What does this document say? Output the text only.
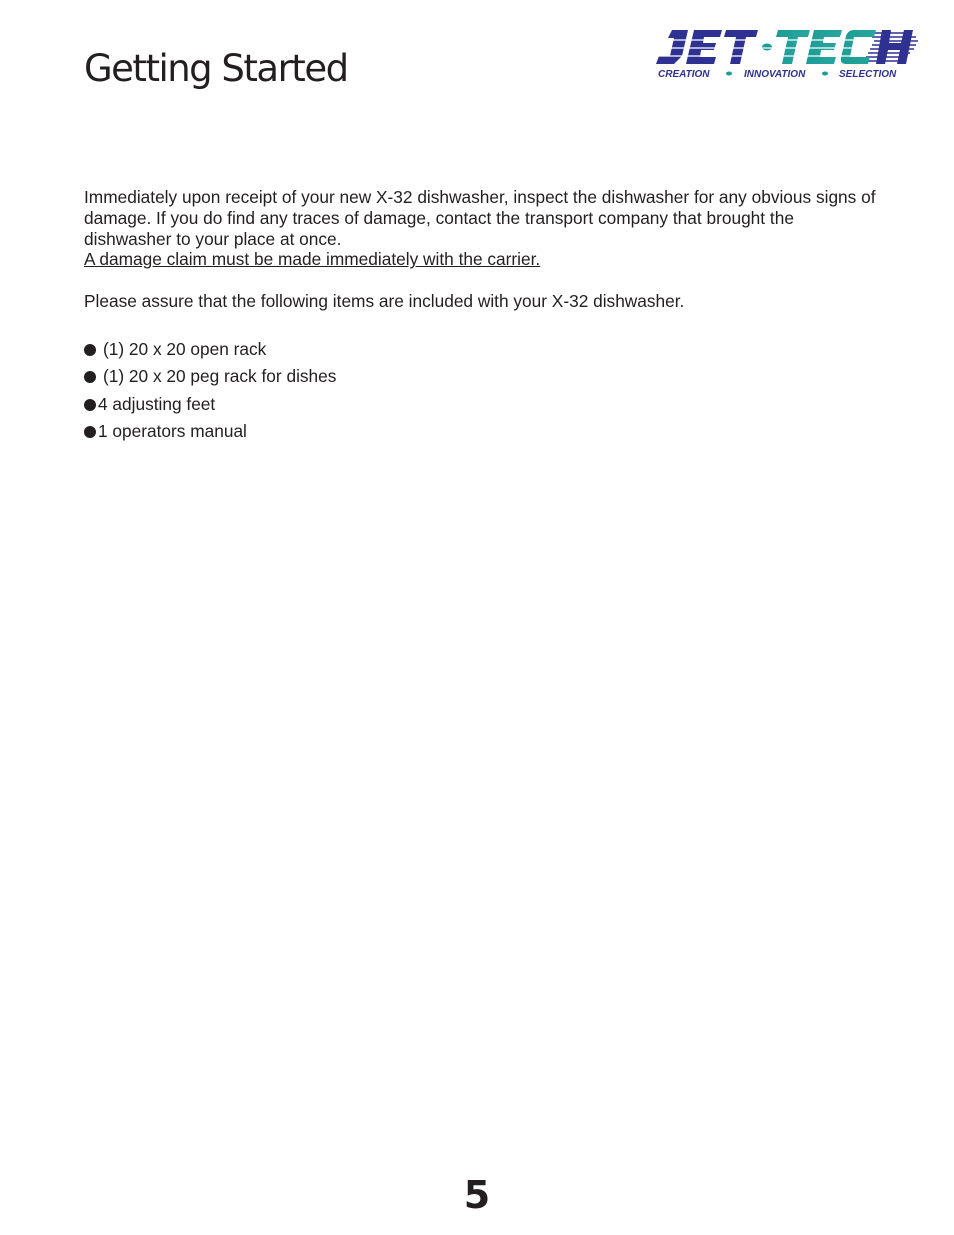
Getting Started	CREATION	INNOVATION	SELECTION

Immediately upon receipt of your new X-32 dishwasher, inspect the dishwasher for any obvious signs of damage. If you do find any traces of damage, contact the transport company that brought the dishwasher to your place at once.

A damage claim must be made immediately with the carrier.

Please assure that the following items are included with your X-32 dishwasher.

(1) 20 x 20 open rack
(1) 20 x 20 peg rack for dishes
4 adjusting feet
1 operators manual
5
